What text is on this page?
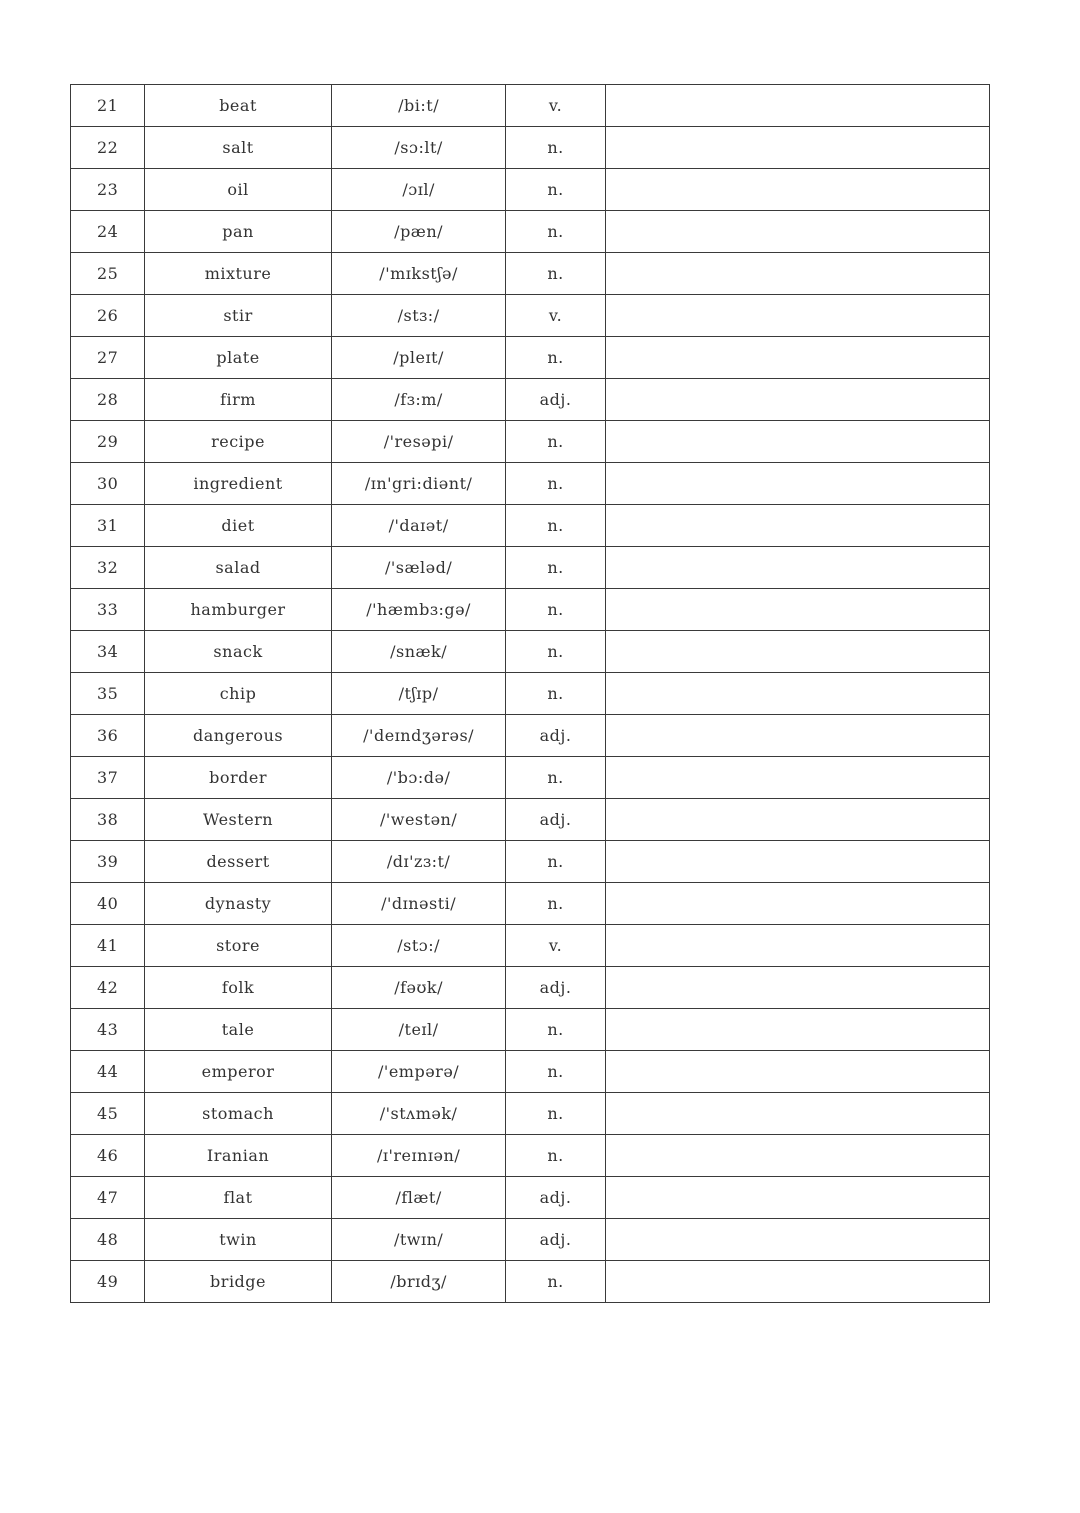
21	beat	/bi:t/	v.	
22	salt	/sɔ:lt/	n.	
23	oil	/ɔɪl/	n.	
24	pan	/pæn/	n.	
25	mixture	/'mɪkstʃə/	n.	
26	stir	/stɜ:/	v.	
27	plate	/pleɪt/	n.	
28	firm	/fɜ:m/	adj.	
29	recipe	/'resəpi/	n.	
30	ingredient	/ɪn'gri:diənt/	n.	
31	diet	/'daɪət/	n.	
32	salad	/'sæləd/	n.	
33	hamburger	/'hæmbɜ:gə/	n.	
34	snack	/snæk/	n.	
35	chip	/tʃɪp/	n.	
36	dangerous	/'deɪndʒərəs/	adj.	
37	border	/'bɔ:də/	n.	
38	Western	/'westən/	adj.	
39	dessert	/dɪ'zɜ:t/	n.	
40	dynasty	/'dɪnəsti/	n.	
41	store	/stɔ:/	v.	
42	folk	/fəʊk/	adj.	
43	tale	/teɪl/	n.	
44	emperor	/'empərə/	n.	
45	stomach	/'stʌmək/	n.	
46	Iranian	/ɪ'reɪnɪən/	n.	
47	flat	/flæt/	adj.	
48	twin	/twɪn/	adj.	
49	bridge	/brɪdʒ/	n.	
